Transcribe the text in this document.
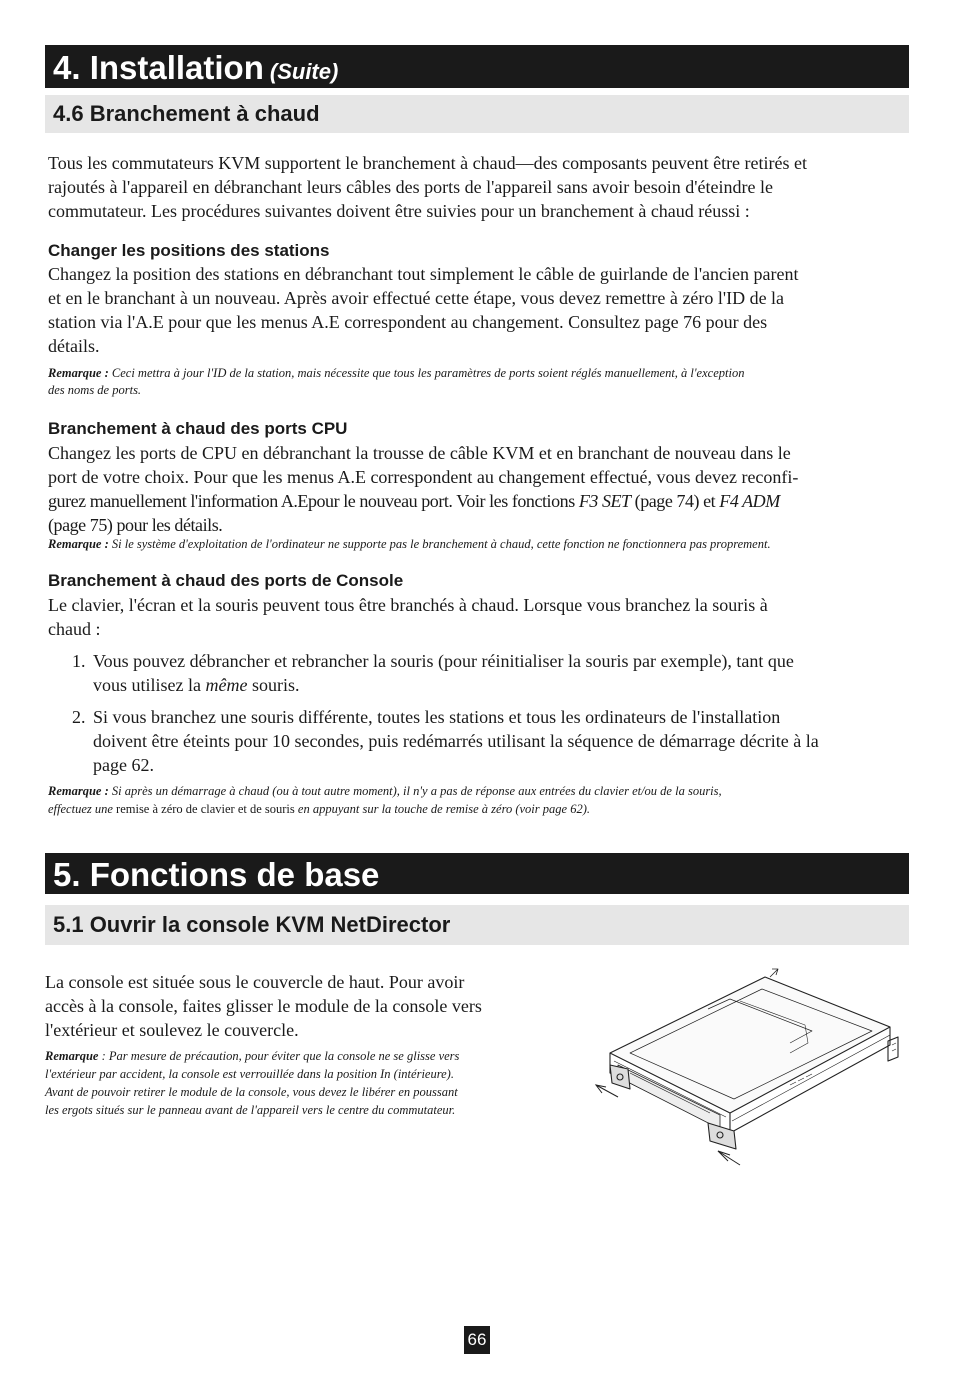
4. Installation (Suite)
4.6 Branchement à chaud
Tous les commutateurs KVM supportent le branchement à chaud—des composants peuvent être retirés et
rajoutés à l'appareil en débranchant leurs câbles des ports de l'appareil sans avoir besoin d'éteindre le
commutateur. Les procédures suivantes doivent être suivies pour un branchement à chaud réussi :
Changer les positions des stations
Changez la position des stations en débranchant tout simplement le câble de guirlande de l'ancien parent
et en le branchant à un nouveau. Après avoir effectué cette étape, vous devez remettre à zéro l'ID de la
station via l'A.E pour que les menus A.E correspondent au changement. Consultez page 76 pour des
détails.
Remarque : Ceci mettra à jour l'ID de la station, mais nécessite que tous les paramètres de ports soient réglés manuellement, à l'exception
des noms de ports.
Branchement à chaud des ports CPU
Changez les ports de CPU en débranchant la trousse de câble KVM et en branchant de nouveau dans le
port de votre choix. Pour que les menus A.E correspondent au changement effectué, vous devez reconfi-
gurez manuellement l'information A.Epour le nouveau port. Voir les fonctions F3 SET (page 74) et F4 ADM
(page 75) pour les détails.
Remarque : Si le système d'exploitation de l'ordinateur ne supporte pas le branchement à chaud, cette fonction ne fonctionnera pas proprement.
Branchement à chaud des ports de Console
Le clavier, l'écran et la souris peuvent tous être branchés à chaud. Lorsque vous branchez la souris à
chaud :
1. Vous pouvez débrancher et rebrancher la souris (pour réinitialiser la souris par exemple), tant que
vous utilisez la même souris.
2. Si vous branchez une souris différente, toutes les stations et tous les ordinateurs de l'installation
doivent être éteints pour 10 secondes, puis redémarrés utilisant la séquence de démarrage décrite à la
page 62.
Remarque : Si après un démarrage à chaud (ou à tout autre moment), il n'y a pas de réponse aux entrées du clavier et/ou de la souris,
effectuez une remise à zéro de clavier et de souris en appuyant sur la touche de remise à zéro (voir page 62).
5. Fonctions de base
5.1 Ouvrir la console KVM NetDirector
La console est située sous le couvercle de haut. Pour avoir
accès à la console, faites glisser le module de la console vers
l'extérieur et soulevez le couvercle.
Remarque : Par mesure de précaution, pour éviter que la console ne se glisse vers
l'extérieur par accident, la console est verrouillée dans la position In (intérieure).
Avant de pouvoir retirer le module de la console, vous devez le libérer en poussant
les ergots situés sur le panneau avant de l'appareil vers le centre du commutateur.
66
